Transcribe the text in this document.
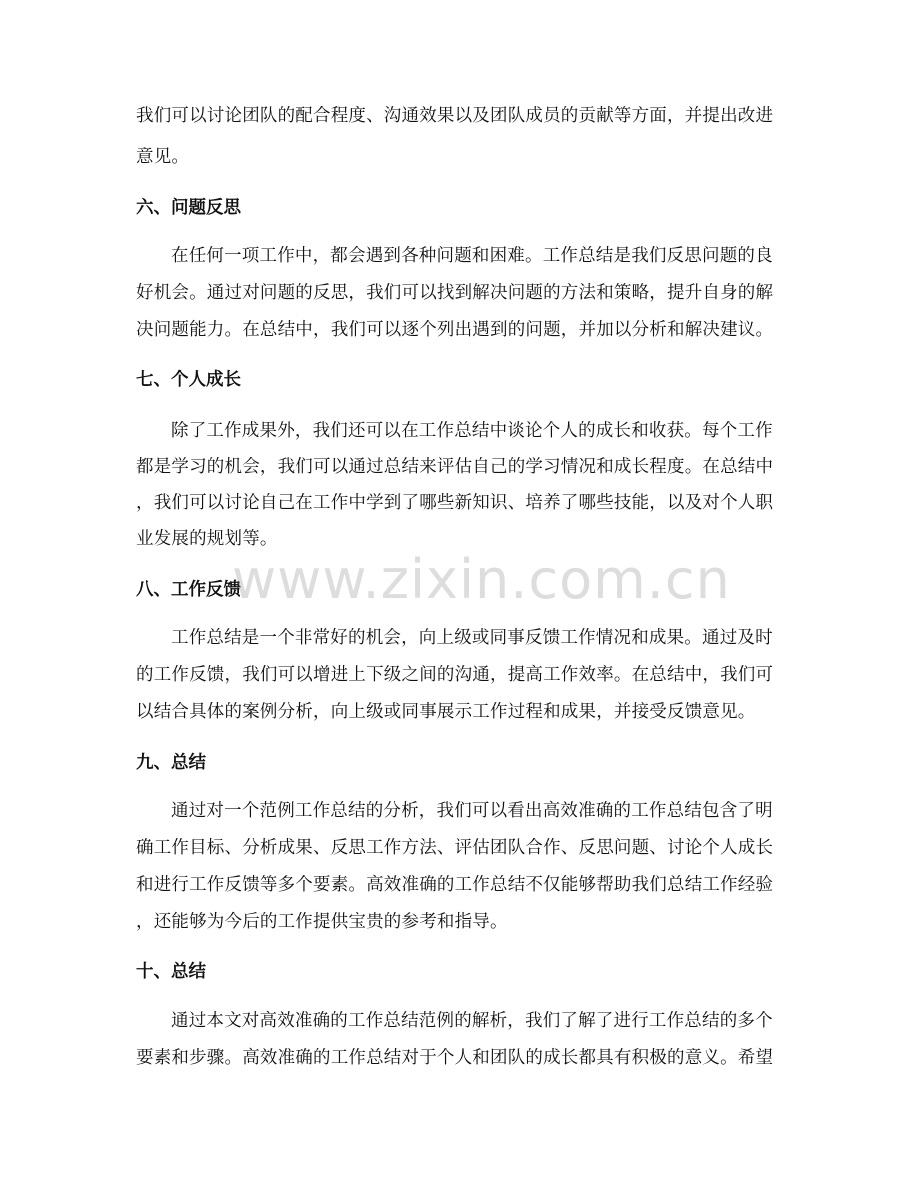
我们可以讨论团队的配合程度、沟通效果以及团队成员的贡献等方面，并提出改进
意见。
六、问题反思
在任何一项工作中，都会遇到各种问题和困难。工作总结是我们反思问题的良
好机会。通过对问题的反思，我们可以找到解决问题的方法和策略，提升自身的解
决问题能力。在总结中，我们可以逐个列出遇到的问题，并加以分析和解决建议。
七、个人成长
除了工作成果外，我们还可以在工作总结中谈论个人的成长和收获。每个工作
都是学习的机会，我们可以通过总结来评估自己的学习情况和成长程度。在总结中
，我们可以讨论自己在工作中学到了哪些新知识、培养了哪些技能，以及对个人职
业发展的规划等。
八、工作反馈
工作总结是一个非常好的机会，向上级或同事反馈工作情况和成果。通过及时
的工作反馈，我们可以增进上下级之间的沟通，提高工作效率。在总结中，我们可
以结合具体的案例分析，向上级或同事展示工作过程和成果，并接受反馈意见。
九、总结
通过对一个范例工作总结的分析，我们可以看出高效准确的工作总结包含了明
确工作目标、分析成果、反思工作方法、评估团队合作、反思问题、讨论个人成长
和进行工作反馈等多个要素。高效准确的工作总结不仅能够帮助我们总结工作经验
，还能够为今后的工作提供宝贵的参考和指导。
十、总结
通过本文对高效准确的工作总结范例的解析，我们了解了进行工作总结的多个
要素和步骤。高效准确的工作总结对于个人和团队的成长都具有积极的意义。希望
www.zixin.com.cn
